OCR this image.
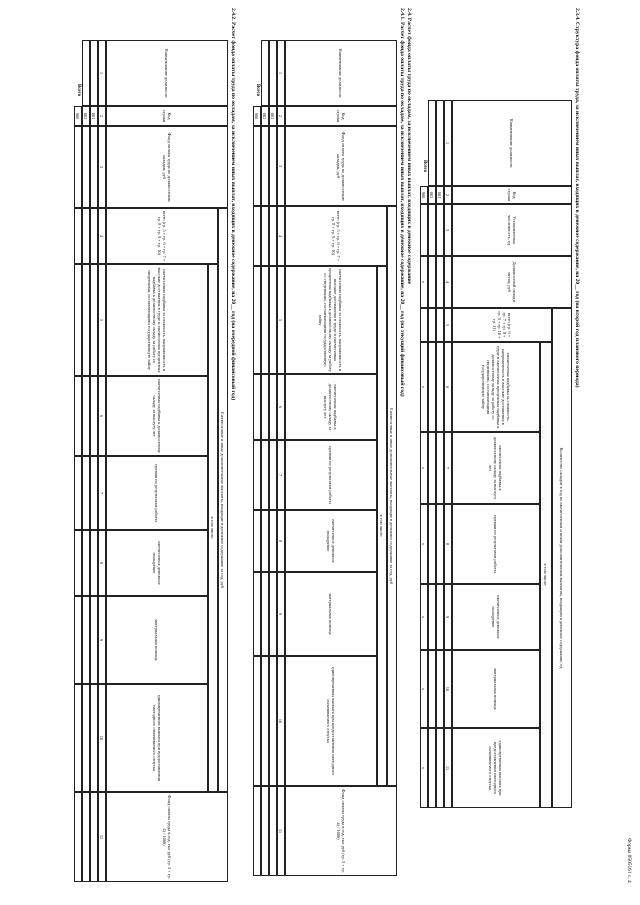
Форма 0505161 с. 4
2.3.4. Структура фонда оплаты труда, за исключением иных выплат, входящих в денежное содержание, на 20__ год (на второй год планового периода)
Наименование должности
Код строки
Установленная численность, ед
Должностной оклад в месяц, руб
Количество окладов в год по ежемесячным и иным дополнительным выплатам, входящим в денежное содержание, ед
всего (гр. 6 + гр. 7 + гр. 8 + гр. 9 + гр. 10 + гр. 11)
в том числе:
ежемесячная надбавка за сложность, напряженность и высокие достижения в труде и ежемесячная процентная надбавка к должностному окладу за работу со сведениями, составляющими государственную тайну
ежемесячная надбавка к должностному окладу за выслугу лет
премии по результатам работы
ежемесячное денежное поощрение
материальная помощь
единовременная выплата при предоставлении ежегодного оплачиваемого отпуска
1
2
3
4
5
6
7
8
9
10
11
001
002
Всего
900
х
х
х
х
х
х
х
2.4. Расчет фонда оплаты труда по окладам, за исключением иных выплат, входящих в денежное содержание
2.4.1. Расчет фонда оплаты труда по окладам, за исключением иных выплат, входящих в денежное содержание, на 20__ год (на текущий финансовый год)
Наименование должности
Код строки
Фонд оплаты труда по должностным окладам, руб
Ежемесячные и иные дополнительные выплаты, входящие в денежное содержание за год, руб
всего (гр. 5 + гр. 6 + гр. 7 + гр. 8 + гр. 9 + гр. 10)
в том числе:
ежемесячная надбавка за сложность, напряженность и высокие достижения в труде и ежемесячная процентная надбавка к должностному окладу за работу со сведениями, составляющими государственную тайну
ежемесячная надбавка к должностному окладу за выслугу лет
премии по результатам работы
ежемесячное денежное поощрение
материальная помощь
единовременная выплата при предоставлении ежегодного оплачиваемого отпуска
Фонд оплаты труда в год, тыс руб (гр. 3 + гр. 4) / 1000)
1
2
3
4
5
6
7
8
9
10
11
001
002
Всего
900
2.4.2. Расчет фонда оплаты труда по окладам, за исключением иных выплат, входящих в денежное содержание, на 20__ год (на очередной финансовый год)
Наименование должности
Код строки
Фонд оплаты труда по должностным окладам, руб
Ежемесячные и иные дополнительные выплаты, входящие в денежное содержание за год, руб
всего (гр. 5 + гр. 6 + гр. 7 + гр. 8 + гр. 9 + гр. 10)
в том числе:
ежемесячная надбавка за сложность, напряженность и высокие достижения в труде и ежемесячная процентная надбавка к должностному окладу за работу со сведениями, составляющими государственную тайну
ежемесячная надбавка к должностному окладу за выслугу лет
премии по результатам работы
ежемесячное денежное поощрение
материальная помощь
единовременная выплата при предоставлении ежегодного оплачиваемого отпуска
Фонд оплаты труда в год, тыс руб (гр. 3 + гр. 4) / 1000)
1
2
3
4
5
6
7
8
9
10
11
001
002
Всего
900
